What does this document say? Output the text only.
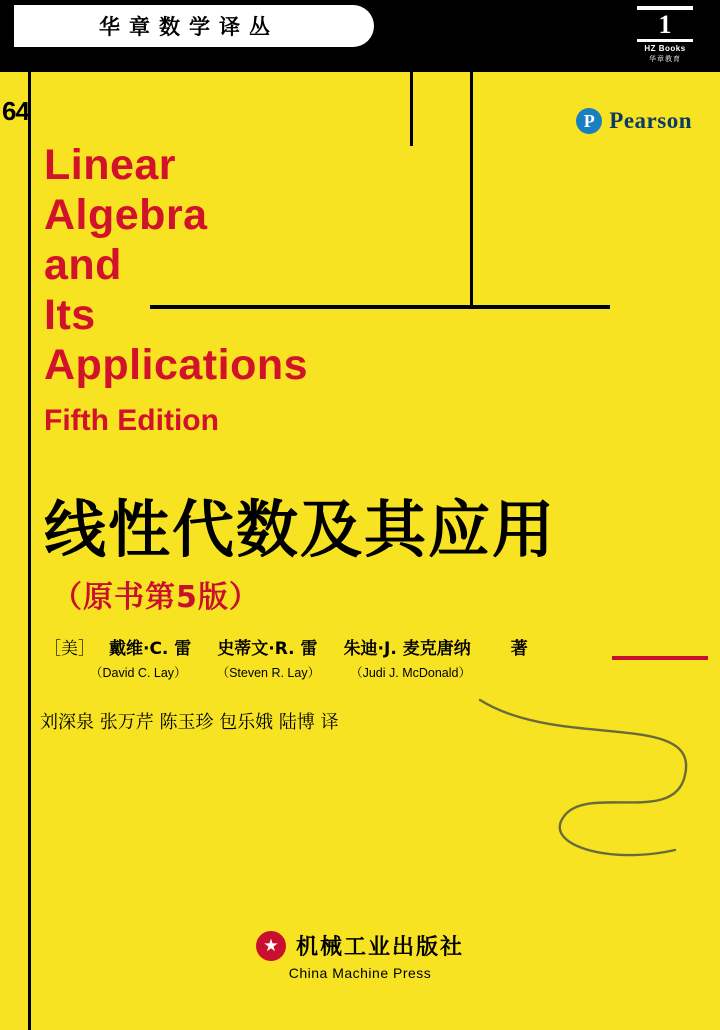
华章数学译丛	1
HZ Books
华章教育
64	P Pearson
Linear
Algebra
and
Its
Applications
Fifth Edition
线性代数及其应用
（原书第5版）
［美］ 戴维·C. 雷 史蒂文·R. 雷 朱迪·J. 麦克唐纳 著
（David C. Lay） （Steven R. Lay） （Judi J. McDonald）
刘深泉 张万芹 陈玉珍 包乐娥 陆博 译
机械工业出版社
China Machine Press
